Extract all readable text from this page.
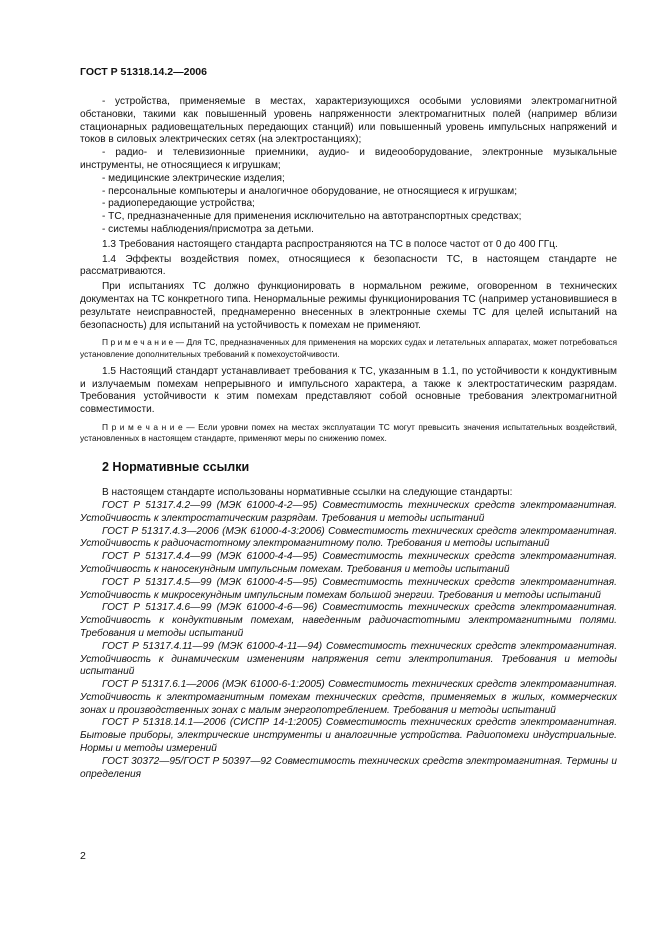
ГОСТ Р 51318.14.2—2006

- устройства, применяемые в местах, характеризующихся особыми условиями электромагнитной обстановки, такими как повышенный уровень напряженности электромагнитных полей (например вблизи стационарных радиовещательных передающих станций) или повышенный уровень импульсных напряжений и токов в силовых электрических сетях (на электростанциях);

- радио- и телевизионные приемники, аудио- и видеооборудование, электронные музыкальные инструменты, не относящиеся к игрушкам;

- медицинские электрические изделия;

- персональные компьютеры и аналогичное оборудование, не относящиеся к игрушкам;

- радиопередающие устройства;

- ТС, предназначенные для применения исключительно на автотранспортных средствах;

- системы наблюдения/присмотра за детьми.

1.3 Требования настоящего стандарта распространяются на ТС в полосе частот от 0 до 400 ГГц.

1.4 Эффекты воздействия помех, относящиеся к безопасности ТС, в настоящем стандарте не рассматриваются.

При испытаниях ТС должно функционировать в нормальном режиме, оговоренном в технических документах на ТС конкретного типа. Ненормальные режимы функционирования ТС (например установившиеся в результате неисправностей, преднамеренно внесенных в электронные схемы ТС для целей испытаний на безопасность) для испытаний на устойчивость к помехам не применяют.

П р и м е ч а н и е — Для ТС, предназначенных для применения на морских судах и летательных аппаратах, может потребоваться установление дополнительных требований к помехоустойчивости.

1.5 Настоящий стандарт устанавливает требования к ТС, указанным в 1.1, по устойчивости к кондуктивным и излучаемым помехам непрерывного и импульсного характера, а также к электростатическим разрядам. Требования устойчивости к этим помехам представляют собой основные требования электромагнитной совместимости.

П р и м е ч а н и е — Если уровни помех на местах эксплуатации ТС могут превысить значения испытательных воздействий, установленных в настоящем стандарте, применяют меры по снижению помех.

2 Нормативные ссылки

В настоящем стандарте использованы нормативные ссылки на следующие стандарты:

ГОСТ Р 51317.4.2—99 (МЭК 61000-4-2—95) Совместимость технических средств электромагнитная. Устойчивость к электростатическим разрядам. Требования и методы испытаний

ГОСТ Р 51317.4.3—2006 (МЭК 61000-4-3:2006) Совместимость технических средств электромагнитная. Устойчивость к радиочастотному электромагнитному полю. Требования и методы испытаний

ГОСТ Р 51317.4.4—99 (МЭК 61000-4-4—95) Совместимость технических средств электромагнитная. Устойчивость к наносекундным импульсным помехам. Требования и методы испытаний

ГОСТ Р 51317.4.5—99 (МЭК 61000-4-5—95) Совместимость технических средств электромагнитная. Устойчивость к микросекундным импульсным помехам большой энергии. Требования и методы испытаний

ГОСТ Р 51317.4.6—99 (МЭК 61000-4-6—96) Совместимость технических средств электромагнитная. Устойчивость к кондуктивным помехам, наведенным радиочастотными электромагнитными полями. Требования и методы испытаний

ГОСТ Р 51317.4.11—99 (МЭК 61000-4-11—94) Совместимость технических средств электромагнитная. Устойчивость к динамическим изменениям напряжения сети электропитания. Требования и методы испытаний

ГОСТ Р 51317.6.1—2006 (МЭК 61000-6-1:2005) Совместимость технических средств электромагнитная. Устойчивость к электромагнитным помехам технических средств, применяемых в жилых, коммерческих зонах и производственных зонах с малым энергопотреблением. Требования и методы испытаний

ГОСТ Р 51318.14.1—2006 (СИСПР 14-1:2005) Совместимость технических средств электромагнитная. Бытовые приборы, электрические инструменты и аналогичные устройства. Радиопомехи индустриальные. Нормы и методы измерений

ГОСТ 30372—95/ГОСТ Р 50397—92 Совместимость технических средств электромагнитная. Термины и определения

2
